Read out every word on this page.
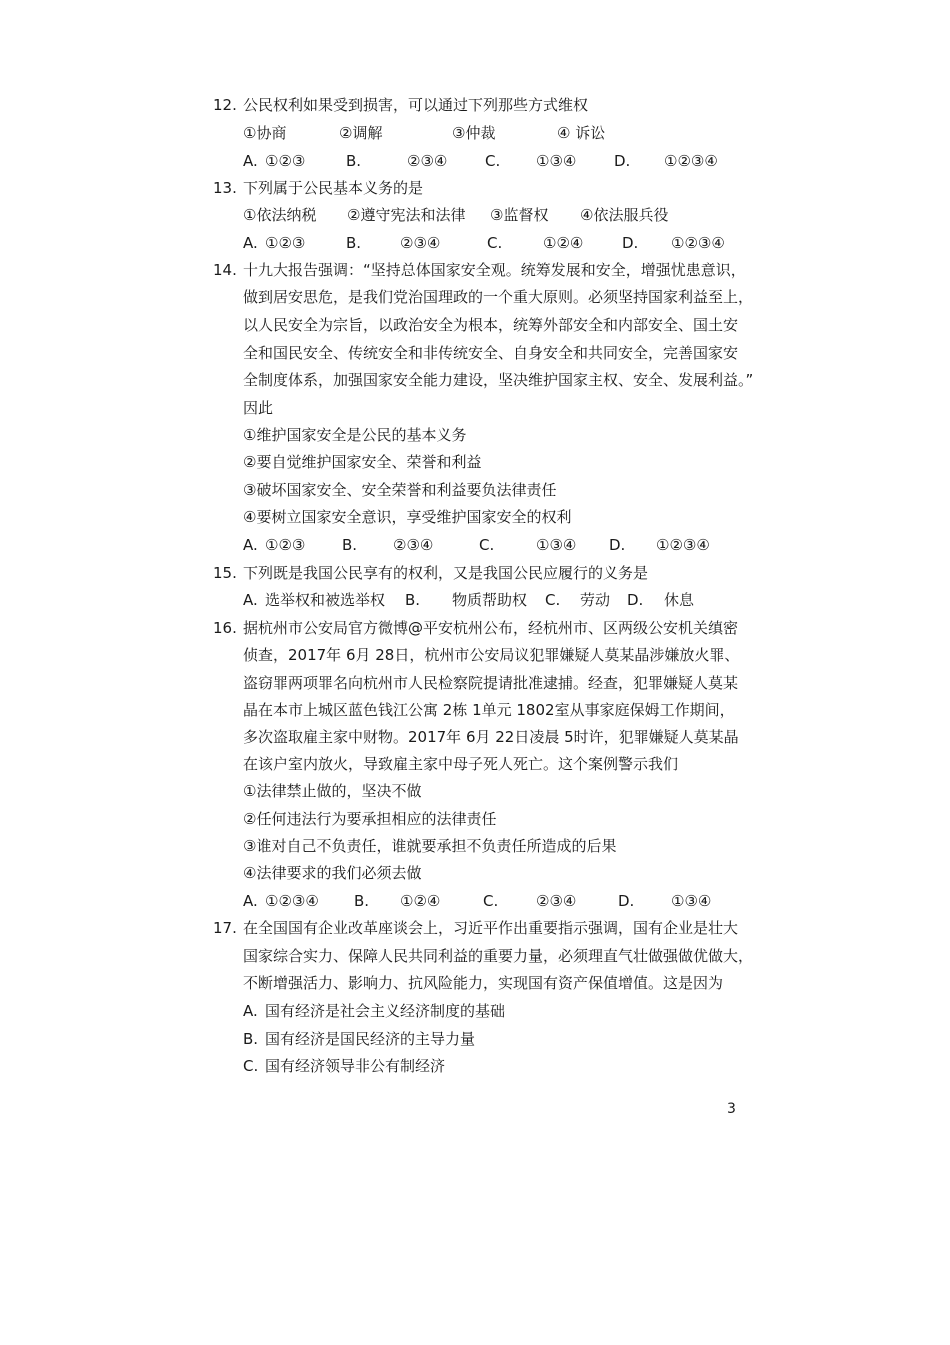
12. 公民权利如果受到损害，可以通过下列那些方式维权
①协商	②调解	③仲裁	④ 诉讼
A. ①②③	B.	②③④	C. ①③④	D. ①②③④
13. 下列属于公民基本义务的是
①依法纳税 ②遵守宪法和法律 ③监督权 ④依法服兵役
A. ①②③	B.	②③④	C.	①②④	D. ①②③④
14. 十九大报告强调：“坚持总体国家安全观。统筹发展和安全，增强忧患意识，
做到居安思危，是我们党治国理政的一个重大原则。必须坚持国家利益至上，
以人民安全为宗旨，以政治安全为根本，统筹外部安全和内部安全、国土安
全和国民安全、传统安全和非传统安全、自身安全和共同安全，完善国家安
全制度体系，加强国家安全能力建设，坚决维护国家主权、安全、发展利益。”
因此
①维护国家安全是公民的基本义务
②要自觉维护国家安全、荣誉和利益
③破坏国家安全、安全荣誉和利益要负法律责任
④要树立国家安全意识，享受维护国家安全的权利
A. ①②③ B. ②③④	C.	①③④ D. ①②③④
15. 下列既是我国公民享有的权利，又是我国公民应履行的义务是
A. 选举权和被选举权 B. 物质帮助权 C. 劳动 D. 休息
16. 据杭州市公安局官方微博@平安杭州公布，经杭州市、区两级公安机关缜密
侦查，2017年 6月 28日，杭州市公安局议犯罪嫌疑人莫某晶涉嫌放火罪、
盗窃罪两项罪名向杭州市人民检察院提请批准逮捕。经查，犯罪嫌疑人莫某
晶在本市上城区蓝色钱江公寓 2栋 1单元 1802室从事家庭保姆工作期间，
多次盗取雇主家中财物。2017年 6月 22日凌晨 5时许，犯罪嫌疑人莫某晶
在该户室内放火，导致雇主家中母子死人死亡。这个案例警示我们
①法律禁止做的，坚决不做
②任何违法行为要承担相应的法律责任
③谁对自己不负责任，谁就要承担不负责任所造成的后果
④法律要求的我们必须去做
A. ①②③④ B. ①②④	C.	②③④	D. ①③④
17. 在全国国有企业改革座谈会上，习近平作出重要指示强调，国有企业是壮大
国家综合实力、保障人民共同利益的重要力量，必须理直气壮做强做优做大，
不断增强活力、影响力、抗风险能力，实现国有资产保值增值。这是因为
A. 国有经济是社会主义经济制度的基础
B. 国有经济是国民经济的主导力量
C. 国有经济领导非公有制经济
3
